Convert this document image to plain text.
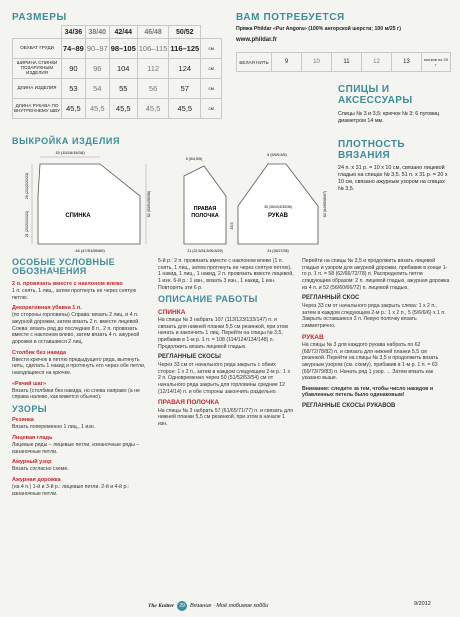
РАЗМЕРЫ
	34/36	38/40	42/44	46/48	50/52	
ОБХВАТ ГРУДИ	74–89	90–97	98–105	106–115	116–125	см
ШИРИНА СПИНКИ ПОЗАРУКНЫМ ИЗДЕЛИЯ	90	96	104	112	124	см
ДЛИНА ИЗДЕЛИЯ	53	54	55	56	57	см
ДЛИНА РУКАВА ПО ВНУТРЕННЕМУ ШВУ	45,5	45,5	45,5	45,5	45,5	см
ВАМ ПОТРЕБУЕТСЯ
Пряжа Phildar «Pur Angora» (100% ангорской шерсти; 100 м/25 г)
www.phildar.fr
БЕЛАЯ НИТЬ	9	10	11	12	13	мотков по 25 г
СПИЦЫ И АКСЕССУАРЫ
Спицы № 3 и 3,5; крючок № 3; 6 пуговиц диаметром 14 мм.
ПЛОТНОСТЬ ВЯЗАНИЯ
24 п. х 31 р. = 10 х 10 см, связано лицевой гладью на спицах № 3,5. 51 п. х 31 р. = 20 х 10 см, связано ажурным узором на спицах № 3,5.
ВЫКРОЙКА ИЗДЕЛИЯ
СПИНКА
15 (15/16/16/16)
44 (47/51/55/60)
20 (21/22/22/23)
21 (21/21/21/21)
52 (53/54/55/56)	ПРАВАЯ
ПОЛОЧКА
5 (5/4,5/5)
21 (22,5/24,5/26,5/29)
РУКАВ
5 (5/5/5,5/5)
35 (35/43,5/35/35)
24 (26/27/28)
45,5
63 (64/65/66/67)
ОСОБЫЕ УСЛОВНЫЕ ОБОЗНАЧЕНИЯ
2 п. провязать вместе с наклоном влево

1 п. снять, 1 лиц., затем протянуть ее через снятую петлю.

Декоративная убавка 1 п.

(по стороны горловины) Справа: вязать 2 лиц. и 4 п. ажурной дорожки, затем вязать 2 п. вместе лицевой. Слева: вязать ряд до последних 8 п., 2 п. провязать вместе с наклоном влево, затем вязать 4 п. ажурной дорожки и оставшиеся 2 лиц.

Столбик без накида

Ввести крючок в петлю предыдущего ряда, вытянуть нить, сделать 1 накид и протянуть его через обе петли, находящиеся на крючке.

«Рачий шаг»

Вязать (столбики без накида, но слева направо (а не справа налево, как вяжется обычно).

УЗОРЫ
Резинка

Вязать попеременно 1 лиц., 1 изн.

Лицевая гладь

Лицевые ряды – лицевые петли, изнаночные ряды – изнаночные петли.

Ажурный узор

Вязать согласно схеме.

Ажурная дорожка

(на 4 п.) 1-й и 3-й р.: лицевые петли. 2-й и 4-й р.: изнаночные петли.

5-й р.: 2 п. провязать вместе с наклоном влево (1 п. снять, 1 лиц., затем протянуть ее через снятую петлю), 1 накид, 1 лиц., 1 накид, 2 п. провязать вместе лицевой, 1 изн. 6-й р.: 1 изн., вязать 3 изн., 1 накид, 1 изн. Повторять эти 6 р.

ОПИСАНИЕ РАБОТЫ
СПИНКА

На спицы № 3 набрать 107 (113/123/133/147) п. и связать для нижней планки 5,5 см резинкой, при этом начать и закончить 1 лиц. Перейти на спицы № 3,5, прибавив в 1-м р. 1 п. = 108 (114/124/134/148) п. Продолжить вязать лицевой гладью.

РЕГЛАННЫЕ СКОСЫ

Через 33 см от начального ряда закрыть с обеих сторон: 1 х 2 п., затем в каждом следующем 2-м р.: 1 х 2 п. Одновременно через 50 (51/52/53/54) см от начального ряда закрыть для горловины средние 12 (12/14/14) п. и обе стороны закончить раздельно.

ПРАВАЯ ПОЛОЧКА

На спицы № 3 набрать 57 (61/65/71/77) п. и связать для нижней планки 5,5 см резинкой, при этом в начале 1 изн.

Перейти на спицы № 3,5 и продолжить вязать лицевой гладью и узором для ажурной дорожки, прибавив в конце 1-го р. 1 п. = 58 (62/66/72/78) п. Распределить петли следующим образом: 2 п. лицевой гладью, ажурная дорожка из 4 п. и 52 (56/60/66/72) п. лицевой гладью.

РЕГЛАННЫЙ СКОС

Через 33 см от начального ряда закрыть слева: 1 х 2 п., затем в каждом следующем 2-м р.: 1 х 2 п., 5 (5/6/6/6) х 1 п. Закрыть оставшиеся 3 п. Левую полочку вязать симметрично.

РУКАВ

На спицы № 3 для каждого рукава набрать по 62 (68/72/78/82) п. и связать для нижней планки 5,5 см резинкой. Перейти на спицы № 3,5 и продолжить вязать ажурным узором (см. схему), прибавив в 1-м р. 1 п. = 63 (69/73/79/83) п. Начать ряд 1 узор. ... Затем вязать как указано выше.

Внимание: следите за тем, чтобы число накидов и убавленных петель было одинаковым!

РЕГЛАННЫЕ СКОСЫ РУКАВОВ
The Knitter	29 Вязание · Моё любимое хобби	9/2012
